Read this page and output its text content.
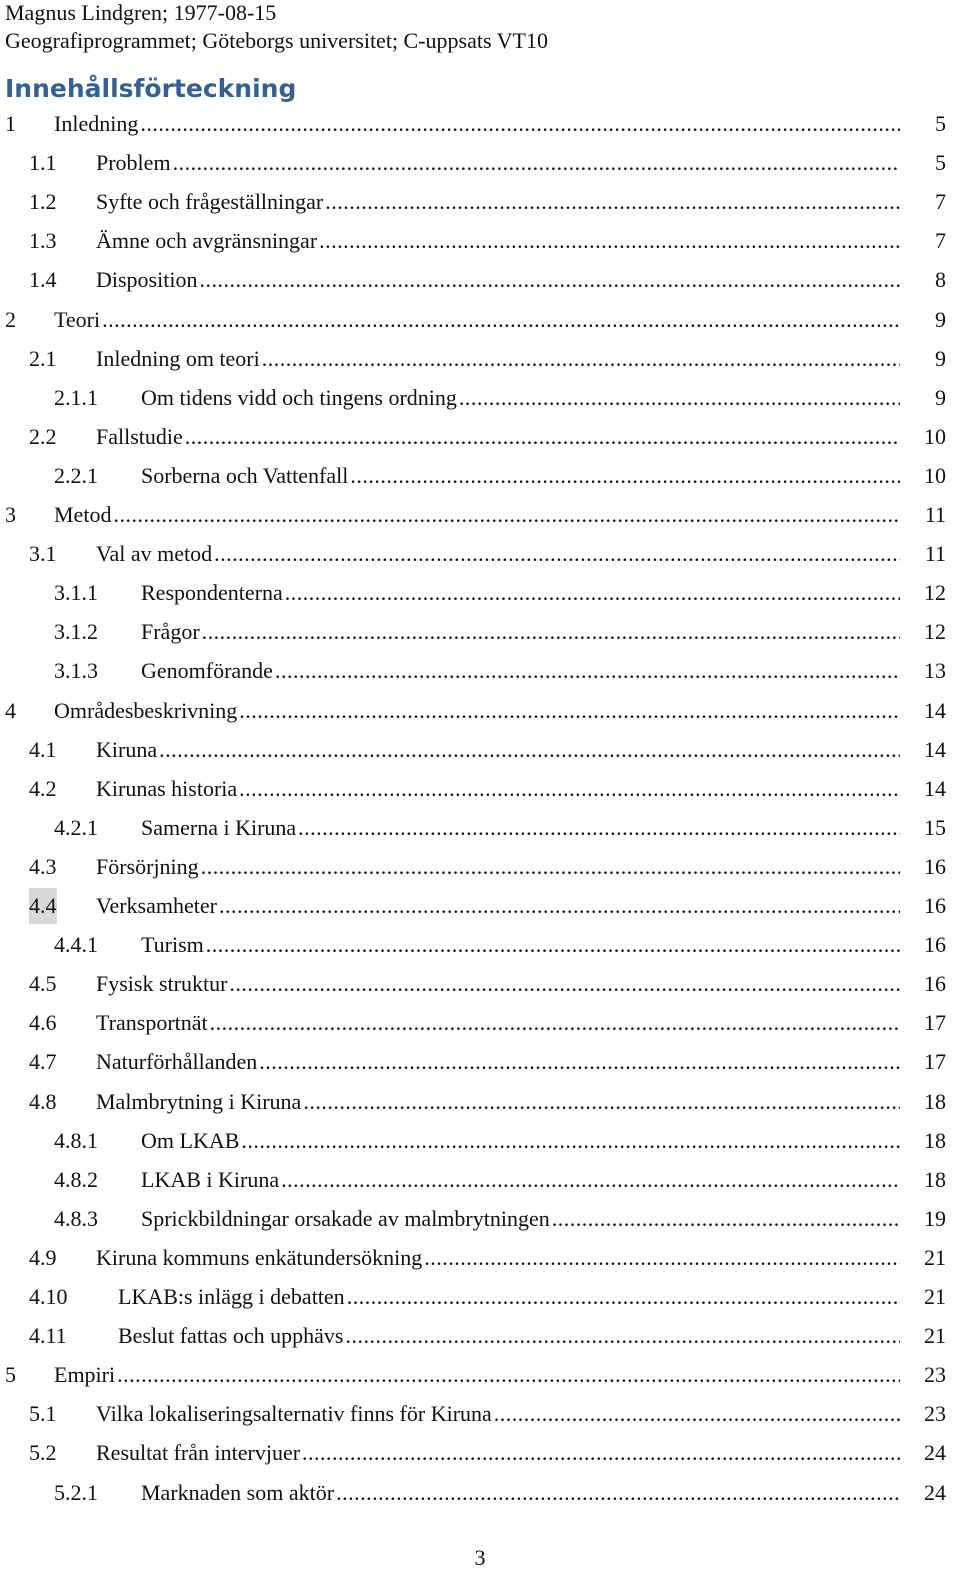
Magnus Lindgren; 1977-08-15
Geografiprogrammet; Göteborgs universitet; C-uppsats VT10
Innehållsförteckning
1 Inledning .....	5
1.1 Problem .....	5
1.2 Syfte och frågeställningar .....	7
1.3 Ämne och avgränsningar .....	7
1.4 Disposition .....	8
2 Teori .....	9
2.1 Inledning om teori .....	9
2.1.1 Om tidens vidd och tingens ordning .....	9
2.2 Fallstudie .....	10
2.2.1 Sorberna och Vattenfall .....	10
3 Metod .....	11
3.1 Val av metod .....	11
3.1.1 Respondenterna .....	12
3.1.2 Frågor .....	12
3.1.3 Genomförande .....	13
4 Områdesbeskrivning .....	14
4.1 Kiruna .....	14
4.2 Kirunas historia .....	14
4.2.1 Samerna i Kiruna .....	15
4.3 Försörjning .....	16
4.4 Verksamheter .....	16
4.4.1 Turism .....	16
4.5 Fysisk struktur .....	16
4.6 Transportnät .....	17
4.7 Naturförhållanden .....	17
4.8 Malmbrytning i Kiruna .....	18
4.8.1 Om LKAB .....	18
4.8.2 LKAB i Kiruna .....	18
4.8.3 Sprickbildningar orsakade av malmbrytningen .....	19
4.9 Kiruna kommuns enkätundersökning .....	21
4.10 LKAB:s inlägg i debatten .....	21
4.11 Beslut fattas och upphävs .....	21
5 Empiri .....	23
5.1 Vilka lokaliseringsalternativ finns för Kiruna .....	23
5.2 Resultat från intervjuer .....	24
5.2.1 Marknaden som aktör .....	24
3
